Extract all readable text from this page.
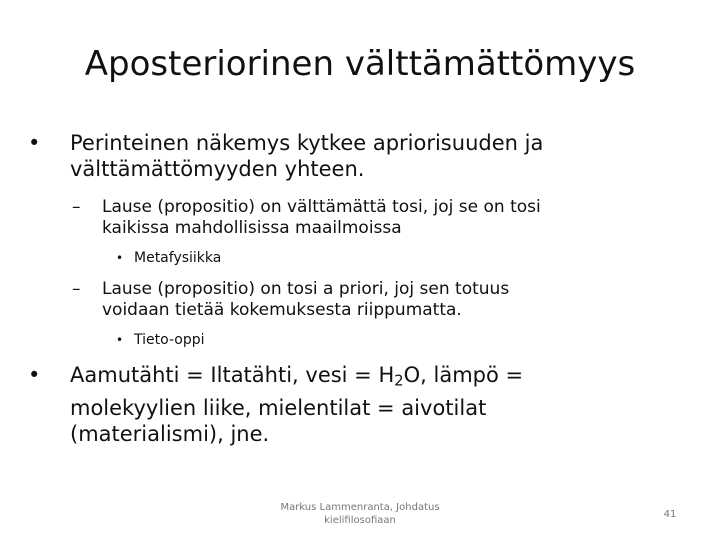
Aposteriorinen välttämättömyys
• Perinteinen näkemys kytkee apriorisuuden ja
välttämättömyyden yhteen.
– Lause (propositio) on välttämättä tosi, joj se on tosi
kaikissa mahdollisissa maailmoissa
• Metafysiikka
– Lause (propositio) on tosi a priori, joj sen totuus
voidaan tietää kokemuksesta riippumatta.
• Tieto-oppi
• Aamutähti = Iltatähti, vesi = $H_2O$, lämpö =
molekyylien liike, mielentilat = aivotilat
(materialismi), jne.
Markus Lammenranta, Johdatus
kielifilosofiaan
41
